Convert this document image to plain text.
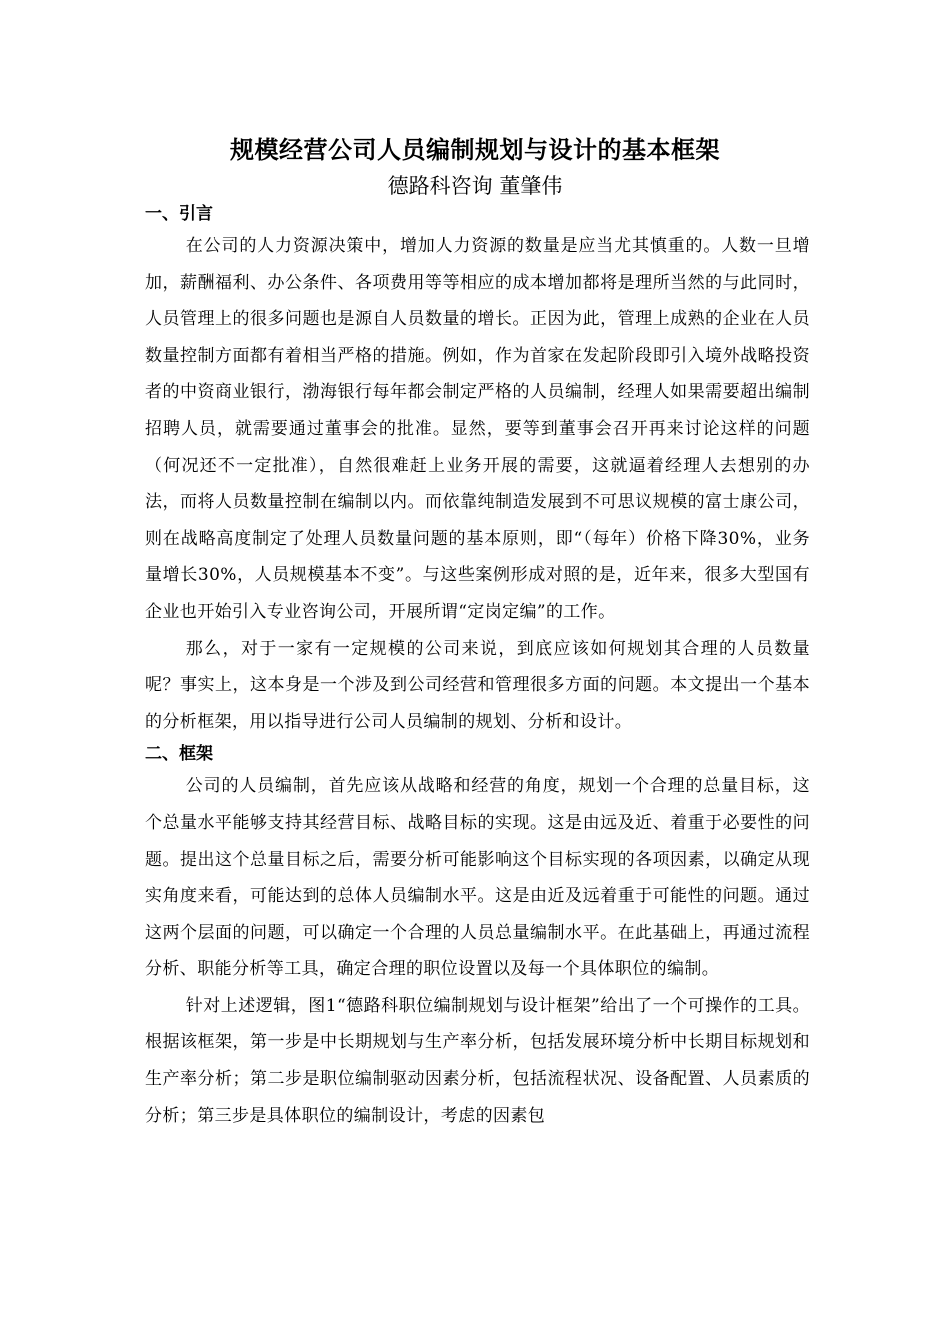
规模经营公司人员编制规划与设计的基本框架
德路科咨询 董肇伟
一、引言

在公司的人力资源决策中，增加人力资源的数量是应当尤其慎重的。人数一旦增加，薪酬福利、办公条件、各项费用等等相应的成本增加都将是理所当然的与此同时，人员管理上的很多问题也是源自人员数量的增长。正因为此，管理上成熟的企业在人员数量控制方面都有着相当严格的措施。例如，作为首家在发起阶段即引入境外战略投资者的中资商业银行，渤海银行每年都会制定严格的人员编制，经理人如果需要超出编制招聘人员，就需要通过董事会的批准。显然，要等到董事会召开再来讨论这样的问题（何况还不一定批准），自然很难赶上业务开展的需要，这就逼着经理人去想别的办法，而将人员数量控制在编制以内。而依靠纯制造发展到不可思议规模的富士康公司，则在战略高度制定了处理人员数量问题的基本原则，即“（每年）价格下降30%，业务量增长30%，人员规模基本不变”。与这些案例形成对照的是，近年来，很多大型国有企业也开始引入专业咨询公司，开展所谓“定岗定编”的工作。

那么，对于一家有一定规模的公司来说，到底应该如何规划其合理的人员数量呢？事实上，这本身是一个涉及到公司经营和管理很多方面的问题。本文提出一个基本的分析框架，用以指导进行公司人员编制的规划、分析和设计。

二、框架

公司的人员编制，首先应该从战略和经营的角度，规划一个合理的总量目标，这个总量水平能够支持其经营目标、战略目标的实现。这是由远及近、着重于必要性的问题。提出这个总量目标之后，需要分析可能影响这个目标实现的各项因素，以确定从现实角度来看，可能达到的总体人员编制水平。这是由近及远着重于可能性的问题。通过这两个层面的问题，可以确定一个合理的人员总量编制水平。在此基础上，再通过流程分析、职能分析等工具，确定合理的职位设置以及每一个具体职位的编制。

针对上述逻辑，图1“德路科职位编制规划与设计框架”给出了一个可操作的工具。根据该框架，第一步是中长期规划与生产率分析，包括发展环境分析中长期目标规划和生产率分析；第二步是职位编制驱动因素分析，包括流程状况、设备配置、人员素质的分析；第三步是具体职位的编制设计，考虑的因素包
